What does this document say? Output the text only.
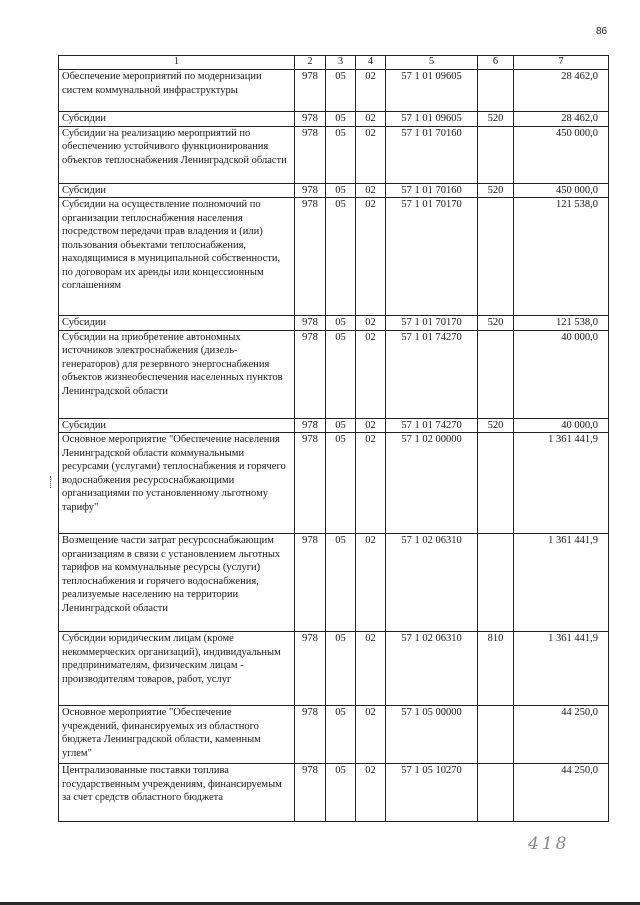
86
1	2	3	4	5	6	7
Обеспечение мероприятий по модернизации систем коммунальной инфраструктуры	978	05	02	57 1 01 09605		28 462,0
Субсидии	978	05	02	57 1 01 09605	520	28 462,0
Субсидии на реализацию мероприятий по обеспечению устойчивого функционирования объектов теплоснабжения Ленинградской области	978	05	02	57 1 01 70160		450 000,0
Субсидии	978	05	02	57 1 01 70160	520	450 000,0
Субсидии на осуществление полномочий по организации теплоснабжения населения посредством передачи прав владения и (или) пользования объектами теплоснабжения, находящимися в муниципальной собственности, по договорам их аренды или концессионным соглашениям	978	05	02	57 1 01 70170		121 538,0
Субсидии	978	05	02	57 1 01 70170	520	121 538,0
Субсидии на приобретение автономных источников электроснабжения (дизель-генераторов) для резервного энергоснабжения объектов жизнеобеспечения населенных пунктов Ленинградской области	978	05	02	57 1 01 74270		40 000,0
Субсидии	978	05	02	57 1 01 74270	520	40 000,0
Основное мероприятие "Обеспечение населения Ленинградской области коммунальными ресурсами (услугами) теплоснабжения и горячего водоснабжения ресурсоснабжающими организациями по установленному льготному тарифу"	978	05	02	57 1 02 00000		1 361 441,9
Возмещение части затрат ресурсоснабжающим организациям в связи с установлением льготных тарифов на коммунальные ресурсы (услуги) теплоснабжения и горячего водоснабжения, реализуемые населению на территории Ленинградской области	978	05	02	57 1 02 06310		1 361 441,9
Субсидии юридическим лицам (кроме некоммерческих организаций), индивидуальным предпринимателям, физическим лицам - производителям товаров, работ, услуг	978	05	02	57 1 02 06310	810	1 361 441,9
Основное мероприятие "Обеспечение учреждений, финансируемых из областного бюджета Ленинградской области, каменным углем"	978	05	02	57 1 05 00000		44 250,0
Централизованные поставки топлива государственным учреждениям, финансируемым за счет средств областного бюджета	978	05	02	57 1 05 10270		44 250,0
418
